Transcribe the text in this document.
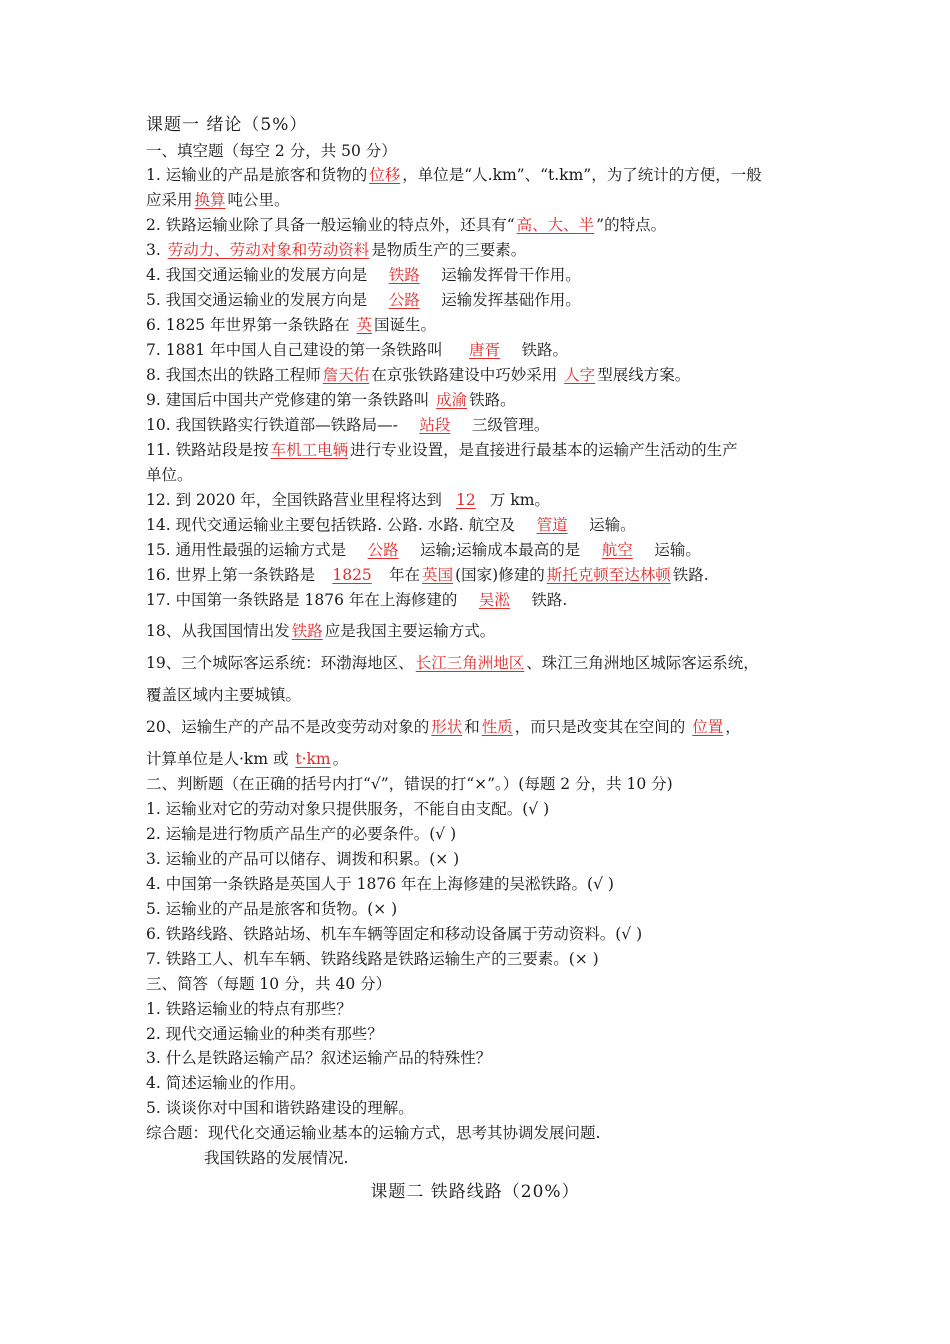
课题一 绪论（5%）
一、填空题（每空 2 分，共 50 分）
1. 运输业的产品是旅客和货物的 位移 ，单位是“人.km”、“t.km”，为了统计的方便，一般
应采用 换算 吨公里。
2. 铁路运输业除了具备一般运输业的特点外，还具有“ 高、大、半 ”的特点。
3. 劳动力、劳动对象和劳动资料 是物质生产的三要素。
4. 我国交通运输业的发展方向是 铁路 运输发挥骨干作用。
5. 我国交通运输业的发展方向是 公路 运输发挥基础作用。
6. 1825 年世界第一条铁路在 英 国诞生。
7. 1881 年中国人自己建设的第一条铁路叫 唐胥 铁路。
8. 我国杰出的铁路工程师 詹天佑 在京张铁路建设中巧妙采用 人字 型展线方案。
9. 建国后中国共产党修建的第一条铁路叫 成渝 铁路。
10. 我国铁路实行铁道部—铁路局—- 站段 三级管理。
11. 铁路站段是按 车机工电辆 进行专业设置，是直接进行最基本的运输产生活动的生产
单位。
12. 到 2020 年，全国铁路营业里程将达到 12 万 km。
14. 现代交通运输业主要包括铁路. 公路. 水路. 航空及 管道 运输。
15. 通用性最强的运输方式是 公路 运输;运输成本最高的是 航空 运输。
16. 世界上第一条铁路是 1825 年在 英国 (国家)修建的 斯托克顿至达林顿 铁路.
17. 中国第一条铁路是 1876 年在上海修建的 吴淞 铁路.
18、从我国国情出发 铁路 应是我国主要运输方式。
19、三个城际客运系统：环渤海地区、 长江三角洲地区 、珠江三角洲地区城际客运系统，
覆盖区域内主要城镇。
20、运输生产的产品不是改变劳动对象的 形状 和 性质 ，而只是改变其在空间的 位置 ，
计算单位是人·km 或 t·km 。
二、判断题（在正确的括号内打“√”，错误的打“×”。）(每题 2 分，共 10 分)
1. 运输业对它的劳动对象只提供服务，不能自由支配。(√ )
2. 运输是进行物质产品生产的必要条件。(√ )
3. 运输业的产品可以储存、调拨和积累。(× )
4. 中国第一条铁路是英国人于 1876 年在上海修建的吴淞铁路。(√ )
5. 运输业的产品是旅客和货物。(× )
6. 铁路线路、铁路站场、机车车辆等固定和移动设备属于劳动资料。(√ )
7. 铁路工人、机车车辆、铁路线路是铁路运输生产的三要素。(× )
三、简答（每题 10 分，共 40 分）
1. 铁路运输业的特点有那些？
2. 现代交通运输业的种类有那些？
3. 什么是铁路运输产品？叙述运输产品的特殊性？
4. 简述运输业的作用。
5. 谈谈你对中国和谐铁路建设的理解。
综合题：现代化交通运输业基本的运输方式，思考其协调发展问题.
我国铁路的发展情况.
课题二 铁路线路（20%）
